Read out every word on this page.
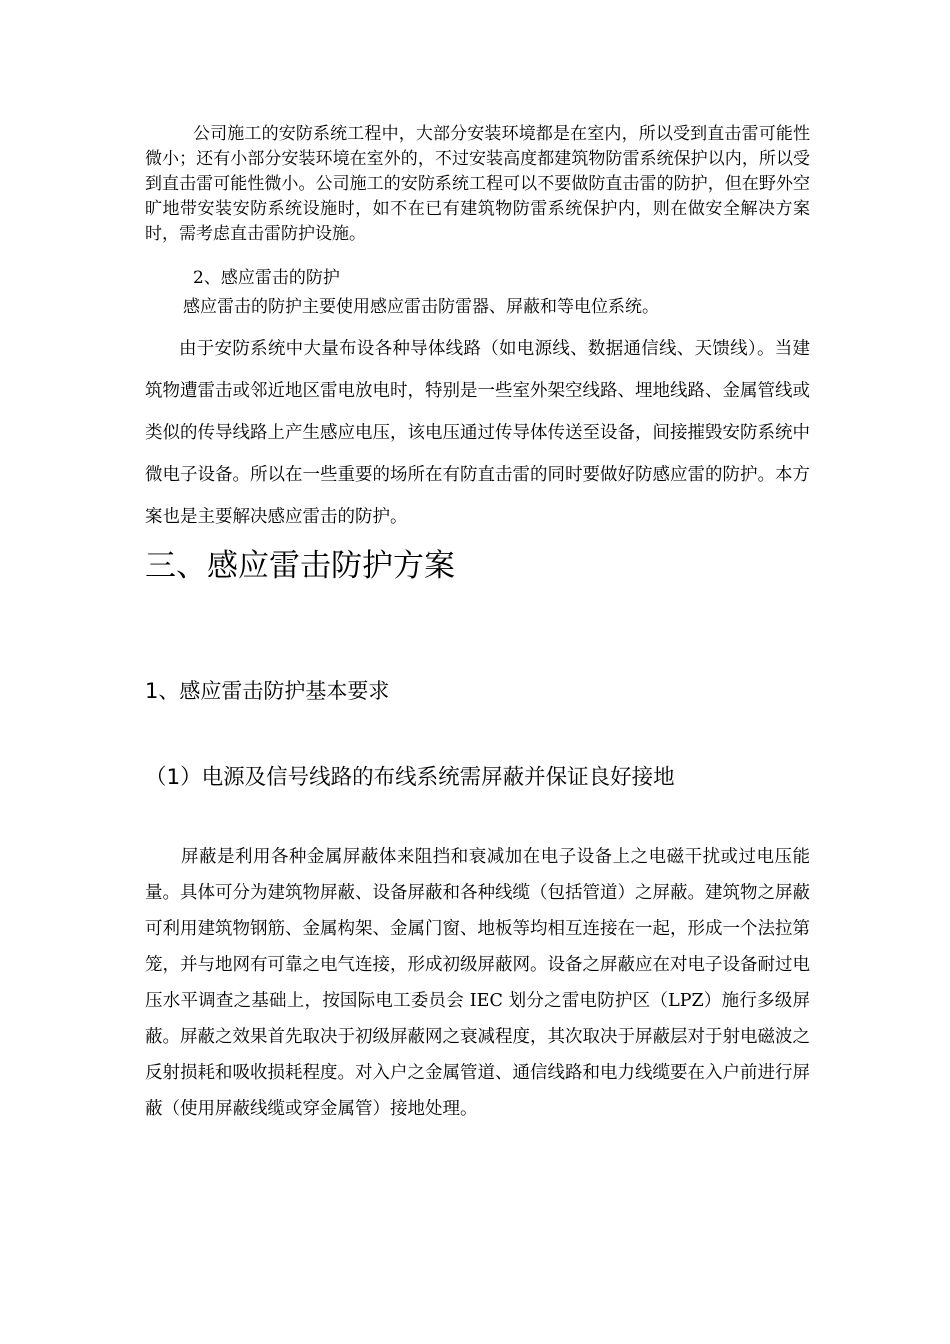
公司施工的安防系统工程中，大部分安装环境都是在室内，所以受到直击雷可能性微小；还有小部分安装环境在室外的，不过安装高度都建筑物防雷系统保护以内，所以受到直击雷可能性微小。公司施工的安防系统工程可以不要做防直击雷的防护，但在野外空旷地带安装安防系统设施时，如不在已有建筑物防雷系统保护内，则在做安全解决方案时，需考虑直击雷防护设施。

2、感应雷击的防护

感应雷击的防护主要使用感应雷击防雷器、屏蔽和等电位系统。

由于安防系统中大量布设各种导体线路（如电源线、数据通信线、天馈线）。当建筑物遭雷击或邻近地区雷电放电时，特别是一些室外架空线路、埋地线路、金属管线或类似的传导线路上产生感应电压，该电压通过传导体传送至设备，间接摧毁安防系统中微电子设备。所以在一些重要的场所在有防直击雷的同时要做好防感应雷的防护。本方案也是主要解决感应雷击的防护。

三、感应雷击防护方案
1、感应雷击防护基本要求
（1）电源及信号线路的布线系统需屏蔽并保证良好接地

屏蔽是利用各种金属屏蔽体来阻挡和衰减加在电子设备上之电磁干扰或过电压能量。具体可分为建筑物屏蔽、设备屏蔽和各种线缆（包括管道）之屏蔽。建筑物之屏蔽可利用建筑物钢筋、金属构架、金属门窗、地板等均相互连接在一起，形成一个法拉第笼，并与地网有可靠之电气连接，形成初级屏蔽网。设备之屏蔽应在对电子设备耐过电压水平调查之基础上，按国际电工委员会 IEC 划分之雷电防护区（LPZ）施行多级屏蔽。屏蔽之效果首先取决于初级屏蔽网之衰减程度，其次取决于屏蔽层对于射电磁波之反射损耗和吸收损耗程度。对入户之金属管道、通信线路和电力线缆要在入户前进行屏蔽（使用屏蔽线缆或穿金属管）接地处理。
